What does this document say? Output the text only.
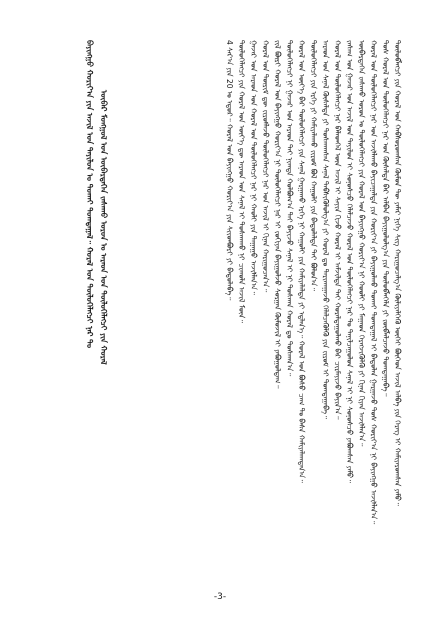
ᠲᠥᠯᠥᠪᠯᠡᠭᠴᠢ ᠶᠢᠨ ᠬᠤᠷᠠᠯ ᠤᠨ ᠬᠠᠪᠰᠤᠷᠤᠭᠰᠠᠨ ᠬᠦᠮᠦᠨ ᠲᠦ ᠶᠠᠮᠠᠷ ᠨᠢᠭᠡ ᠰᠢᠭ ᠬᠠᠷᠢᠭᠤᠴᠠᠯᠭ᠎ᠠ ᠬᠦᠯᠢᠶᠡᠯᠭᠡᠬᠦ ᠦᠭᠡᠢ ᠪᠥᠭᠡᠳ ᠠᠵᠢᠯ ᠠᠯᠪᠠ ᠶᠢᠨ ᠬᠡᠷᠡᠭ ᠢ ᠬᠠᠮᠢᠶᠠᠷᠤᠭᠰᠠᠨ ᠶᠠᠮᠤ᠃
ᠲᠤᠰ ᠬᠤᠷᠠᠯ ᠤᠨ ᠲᠥᠯᠥᠭᠡᠯᠡᠭᠴᠢ ᠨᠠᠷ ᠤᠨ ᠬᠦᠰᠡᠯᠲᠡ ᠪᠡᠷ ᠠᠯᠪᠠᠨ ᠪᠠᠶᠢᠭᠤᠯᠤᠯᠭ᠎ᠠ ᠶᠢᠨ ᠲᠥᠯᠥᠪᠯᠡᠭᠡᠯᠡ ᠶᠢ ᠵᠥᠪᠯᠡᠯᠴᠡᠵᠦ ᠲᠣᠭᠲᠠᠭᠠᠪᠠ᠃
ᠬᠤᠷᠠᠯ ᠤᠨ ᠲᠥᠯᠥᠭᠡᠯᠡᠭᠴᠢ ᠨᠠᠷ ᠤᠨ ᠠᠵᠢᠯᠯᠠᠬᠤ ᠪᠠᠶᠢᠴᠠᠭᠠᠯᠲᠠ ᠶᠢᠨ ᠬᠣᠷᠢᠶ᠎ᠠ ᠶᠢ ᠪᠠᠶᠢᠭᠤᠯᠬᠤ ᠲᠤᠬᠠᠢ ᠲᠣᠭᠲᠠᠭᠠᠯ ᠢ ᠪᠠᠲᠤᠯᠠᠨ ᠭᠠᠷᠭᠠᠵᠤ ᠲᠤᠰ ᠬᠣᠷᠢᠶ᠎ᠠ ᠨᠢ ᠪᠠᠶᠢᠩᠭᠤ ᠠᠵᠢᠯᠯᠠᠨ᠎ᠠ᠃
ᠥᠪᠡᠷᠲᠡᠭᠡᠨ ᠵᠠᠰᠠᠬᠤ ᠣᠷᠤᠨ ᠤ ᠲᠥᠯᠥᠭᠡᠯᠡᠭᠴᠢ ᠶᠢᠨ ᠬᠤᠷᠠᠯ ᠤᠨ ᠪᠠᠶᠢᠩᠭᠤ ᠬᠣᠷᠢᠶ᠎ᠠ ᠨᠢ ᠬᠤᠤᠯᠢ ᠶᠢ ᠮᠠᠭᠠᠳ ᠬᠡᠷᠡᠭᠵᠢᠭᠦᠯᠬᠦ ᠶᠢ ᠬᠢᠨᠠᠨ ᠬᠢᠶᠠᠨ ᠠᠵᠢᠯᠯᠠᠨ᠎ᠠ᠃
ᠵᠠᠰᠠᠭ ᠤᠨ ᠭᠠᠵᠠᠷ ᠤᠨ ᠠᠵᠢᠯ ᠤᠨ ᠲᠠᠶᠢᠯᠤᠨ ᠢ ᠰᠣᠨᠣᠰᠴᠤ ᠬᠡᠯᠡᠯᠴᠡᠵᠦ ᠬᠤᠷᠠᠯ ᠤᠨ ᠲᠥᠯᠥᠭᠡᠯᠡᠭᠴᠢ ᠨᠠᠷ ᠲᠤ ᠲᠠᠨᠢᠯᠴᠠᠭᠤᠯᠤᠨ ᠰᠠᠨᠠᠯ ᠢ ᠨᠢ ᠰᠣᠨᠣᠰᠴᠤ ᠶᠠᠪᠤᠭᠰᠠᠨ ᠶᠠᠮᠤ᠃
ᠬᠤᠷᠠᠯ ᠤᠨ ᠲᠥᠯᠥᠭᠡᠯᠡᠭᠴᠢ ᠨᠠᠷ ᠪᠡᠯᠡᠳᠭᠡᠯ ᠦᠨ ᠠᠵᠢᠯ ᠢ ᠰᠠᠶᠢᠨ ᠬᠢᠵᠦ ᠬᠤᠷᠠᠯ ᠢ ᠠᠮᠵᠢᠯᠲᠠ ᠲᠠᠶ ᠬᠤᠷᠠᠯᠳᠠᠭᠤᠯᠬᠤ ᠪᠡᠷ ᠴᠢᠷᠮᠠᠶᠢᠵᠤ ᠪᠠᠶᠢᠨ᠎ᠠ᠃
ᠠᠷᠠᠳ ᠤᠨ ᠰᠠᠨᠠᠯ ᠬᠦᠰᠡᠯᠲᠡ ᠶᠢ ᠲᠤᠰᠬᠠᠭᠰᠠᠨ ᠰᠠᠨᠠᠯ ᠳᠡᠪᠰᠢᠭᠦᠯᠦᠯᠭ᠎ᠠ ᠶᠢ ᠬᠤᠷᠠᠯ ᠳᠤ ᠲᠠᠷᠢᠬᠠᠭᠠᠵᠤ ᠬᠡᠯᠡᠯᠴᠡᠭᠦᠯᠬᠦ ᠶᠢᠨ ᠵᠢᠷᠤᠮ ᠢ ᠲᠣᠭᠲᠠᠭᠠᠪᠠ᠃
ᠲᠥᠯᠥᠭᠡᠯᠡᠭᠴᠢ ᠶᠢᠨ ᠡᠷᠬᠡ ᠶᠢ ᠬᠠᠮᠢᠶᠠᠯᠠᠬᠤ ᠵᠢᠷᠤᠮ ᠪᠣᠯ ᠬᠠᠭᠤᠯᠢ ᠶᠢᠨ ᠪᠠᠲᠤᠯᠠᠯᠲᠠ ᠲᠠᠶ ᠪᠣᠯᠤᠨ᠎ᠠ᠃
ᠬᠤᠷᠠᠯ ᠤᠨ ᠦᠶ᠎ᠡ ᠪᠡᠷ ᠲᠥᠯᠥᠭᠡᠯᠡᠭᠴᠢ ᠶᠢᠨ ᠰᠠᠨᠠᠯ ᠭᠠᠷᠭᠠᠬᠤ ᠡᠷᠬᠡ ᠨᠢ ᠬᠠᠭᠤᠯᠢ ᠶᠢᠨ ᠬᠠᠮᠢᠶᠠᠯᠠᠯᠲᠠ ᠶᠢ ᠡᠳ᠋ᠯᠡᠨ᠎ᠡ᠃ ᠬᠤᠷᠠᠯ ᠤᠨ ᠪᠣᠰᠤ ᠴᠠᠭ ᠲᠤ ᠪᠠᠰᠠ ᠬᠠᠮᠢᠶᠠᠯᠠᠭᠳᠠᠨ᠎ᠠ᠃
ᠲᠥᠯᠥᠭᠡᠯᠡᠭᠴᠢ ᠨᠢ ᠭᠠᠵᠠᠷ ᠤᠨ ᠠᠷᠠᠳ ᠲᠠᠶ ᠨᠢᠭᠲᠠ ᠬᠣᠯᠪᠣᠭ᠎ᠠ ᠲᠠᠶ ᠪᠠᠶᠢᠵᠤ ᠰᠠᠨᠠᠯ ᠢ ᠨᠢ ᠲᠤᠰᠬᠠᠨ ᠬᠤᠷᠠᠯ ᠳᠤ ᠲᠤᠰᠬᠠᠨ᠎ᠠ᠃
ᠵᠢᠯ ᠪᠦᠷᠢ ᠬᠤᠷᠠᠯ ᠤᠨ ᠪᠠᠶᠢᠩᠭᠤ ᠬᠣᠷᠢᠶ᠎ᠠ ᠨᠢ ᠲᠥᠯᠥᠭᠡᠯᠡᠭᠴᠢ ᠨᠠᠷ ᠢ ᠵᠣᠬᠢᠶᠠᠨ ᠪᠠᠶᠢᠭᠤᠯᠵᠤ ᠰᠤᠷᠭᠠᠨ ᠬᠦᠮᠦᠵᠢᠯ ᠢ ᠶᠠᠪᠤᠭᠤᠯᠳᠠᠭ᠃
ᠬᠤᠷᠠᠯ ᠤᠨ ᠳᠦᠷᠢᠮ ᠳᠦ ᠵᠢᠷᠤᠮᠯᠠᠵᠤ ᠲᠥᠯᠥᠭᠡᠯᠡᠭᠴᠢ ᠨᠠᠷ ᠤᠨ ᠠᠵᠢᠯ ᠢ ᠬᠢᠨᠠᠨ ᠬᠠᠷᠢᠭᠤᠴᠠᠨ᠎ᠠ᠃
ᠭᠠᠵᠠᠷ ᠤᠨ ᠠᠷᠠᠳ ᠤᠨ ᠬᠤᠷᠠᠯ ᠤᠨ ᠲᠥᠯᠥᠭᠡᠯᠡᠭᠴᠢ ᠨᠠᠷ ᠨᠢ ᠬᠠᠤᠯᠢ ᠶᠢᠨ ᠳᠠᠭᠠᠭᠤ ᠠᠵᠢᠯᠯᠠᠨ᠎ᠠ᠃
ᠲᠥᠯᠥᠭᠡᠯᠡᠭᠴᠢ ᠶᠢᠨ ᠬᠤᠷᠠᠯ ᠤᠨ ᠦᠶ᠎ᠡ ᠳᠦ ᠠᠷᠠᠳ ᠤᠨ ᠰᠠᠨᠠᠯ ᠢ ᠲᠤᠰᠬᠠᠬᠤ ᠨᠢ ᠴᠢᠬᠤᠯᠠ ᠠᠵᠢᠯ ᠮᠥᠨ᠃
4 ᠰᠠᠷ᠎ᠠ ᠶᠢᠨ 20 ᠤ ᠡᠳᠦᠷ᠃ ᠬᠤᠷᠠᠯ ᠤᠨ ᠪᠠᠶᠢᠩᠭᠤ ᠬᠣᠷᠢᠶ᠎ᠠ ᠶᠢᠨ ᠰᠢᠢᠳᠪᠦᠷᠢ ᠶᠢ ᠪᠠᠲᠤᠯᠠᠪᠠ᠃
ᠥᠪᠡᠷ ᠮᠣᠩᠭᠤᠯ ᠤᠨ ᠥᠪᠡᠷᠲᠡᠭᠡᠨ ᠵᠠᠰᠠᠬᠤ ᠣᠷᠤᠨ ᠤ ᠠᠷᠠᠳ ᠤᠨ ᠲᠥᠯᠥᠭᠡᠯᠡᠭᠴᠢ ᠶᠢᠨ ᠬᠤᠷᠠᠯ
ᠪᠠᠶᠢᠩᠭᠤ ᠬᠣᠷᠢᠶ᠎ᠠ ᠶᠢᠨ ᠠᠵᠢᠯ ᠤᠨ ᠲᠠᠶᠢᠯᠤᠨ ᠤ ᠲᠤᠬᠠᠢ ᠲᠣᠭᠲᠠᠭᠠᠯ᠃ ᠬᠤᠷᠠᠯ ᠤᠨ ᠲᠥᠯᠥᠭᠡᠯᠡᠭᠴᠢ ᠨᠠᠷ ᠲᠤ
-3-
